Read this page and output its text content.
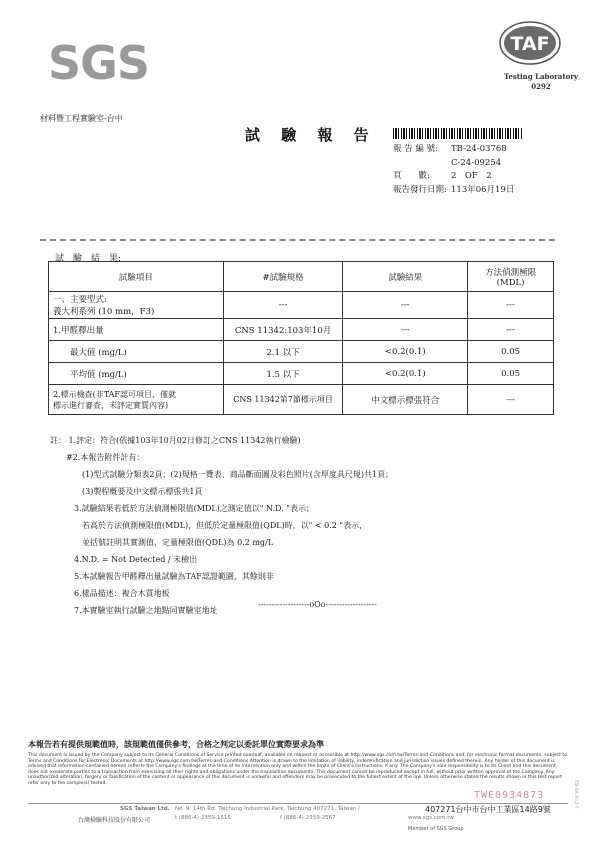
SGS	TAF
Testing Laboratory
0292
材料暨工程實驗室-台中
試 驗 報 告
報 告 編 號: TB-24-03768
C-24-09254
頁　　數: 2　OF　2
報告發行日期: 113年06月19日
試　驗　結　果:
試驗項目	#試驗規格	試驗結果	方法偵測極限
(MDL)
一、主要型式:
義大利系列 (10 mm，F3)	---	---	---
1.甲醛釋出量	CNS 11342:103年10月	---	---
　　最大值 (mg/L)	2.1 以下	<0.2(0.1)	0.05
　　平均值 (mg/L)	1.5 以下	<0.2(0.1)	0.05
2.標示檢查(非TAF認可項目，僅就
標示進行審查，未評定實質內容)	CNS 11342第7節標示項目	中文標示標張符合	---
註： 1.評定：符合(依據103年10月02日修訂之CNS 11342執行檢驗)
　　#2.本報告附件計有：
　　　　(1)型式試驗分類表2頁；(2)規格一覽表、商品斷面圖及彩色照片(含厚度具尺規)共1頁；
　　　　(3)製程概要及中文標示標張共1頁
　　　3.試驗結果若低於方法偵測極限值(MDL)之測定值以" N.D. "表示；
　　　　若高於方法偵測極限值(MDL)，但低於定量極限值(QDL)時，以" < 0.2 "表示，
　　　　並括號註明其實測值，定量極限值(QDL)為 0.2 mg/L
　　　4.N.D. = Not Detected / 未檢出
　　　5.本試驗報告甲醛釋出量試驗為TAF認證範圍，其餘則非
　　　6.樣品描述：複合木質地板
　　　7.本實驗室執行試驗之地點同實驗室地址
-------------------oOo-------------------
本報告若有提供規範值時，該規範值僅供參考，合格之判定以委託單位實際要求為準
This document is issued by the Company subject to its General Conditions of Service printed overleaf, available on request or accessible at http://www.sgs.com.tw/Terms-and-Conditions and, for electronic format documents, subject to Terms and Conditions for Electronic Documents at http://www.sgs.com.tw/Terms-and-Conditions Attention is drawn to the limitation of liability, indemnification and jurisdiction issues defined therein. Any holder of this document is advised that information contained hereon reflects the Company's findings at the time of its intervention only and within the limits of Client's instructions, if any. The Company's sole responsibility is to its Client and this document does not exonerate parties to a transaction from exercising all their rights and obligations under the transaction documents. This document cannot be reproduced except in full, without prior written approval of the Company. Any unauthorized alteration, forgery or falsification of the content or appearance of this document is unlawful and offenders may be prosecuted to the fullest extent of the law. Unless otherwise stated the results shown in this test report refer only to the sample(s) tested.
TWE0934873
SGS Taiwan Ltd.
台灣檢驗科技股份有限公司
No. 9, 14th Rd. Taichung Industrial Park, Taichung 407271, Taiwan /	407271台中市台中工業區14路9號
t (886-4) 2359-1515	f (886-4) 2359-2567	www.sgs.com.tw
Member of SGS Group
TB-0A-S13-7
